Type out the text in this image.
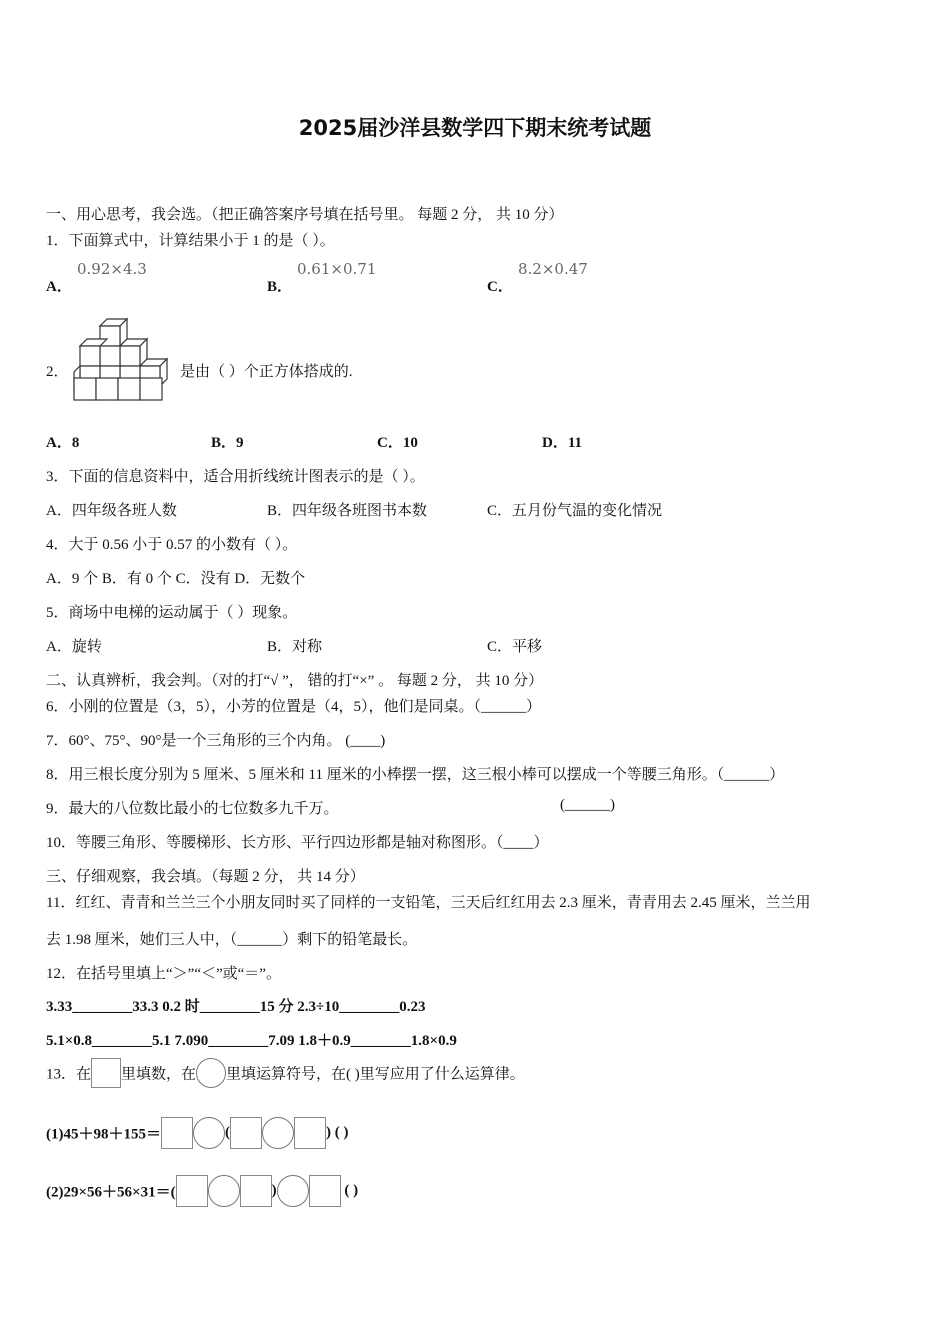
2025届沙洋县数学四下期末统考试题
一、用心思考，我会选。（把正确答案序号填在括号里。 每题 2 分， 共 10 分）
1．下面算式中，计算结果小于 1 的是（ ）。
A．
0.92×4.3
B．
0.61×0.71
C．
8.2×0.47
2．	是由（ ）个正方体搭成的.
A．8	B．9	C．10	D．11
3．下面的信息资料中，适合用折线统计图表示的是（ ）。
A．四年级各班人数	B．四年级各班图书本数	C．五月份气温的变化情况
4．大于 0.56 小于 0.57 的小数有（ ）。
A．9 个 B．有 0 个 C．没有 D．无数个
5．商场中电梯的运动属于（ ）现象。
A．旋转	B．对称	C．平移
二、认真辨析，我会判。（对的打“√ ”， 错的打“×” 。 每题 2 分， 共 10 分）
6．小刚的位置是（3，5），小芳的位置是（4，5），他们是同桌。（______）
7．60°、75°、90°是一个三角形的三个内角。 (____)
8．用三根长度分别为 5 厘米、5 厘米和 11 厘米的小棒摆一摆，这三根小棒可以摆成一个等腰三角形。（______）
9．最大的八位数比最小的七位数多九千万。	(______)
10．等腰三角形、等腰梯形、长方形、平行四边形都是轴对称图形。（____）
三、仔细观察，我会填。（每题 2 分， 共 14 分）
11．红红、青青和兰兰三个小朋友同时买了同样的一支铅笔，三天后红红用去 2.3 厘米，青青用去 2.45 厘米，兰兰用
去 1.98 厘米，她们三人中，（______）剩下的铅笔最长。
12．在括号里填上“＞”“＜”或“＝”。
3.33________33.3 0.2 时________15 分 2.3÷10________0.23
5.1×0.8________5.1 7.090________7.09 1.8＋0.9________1.8×0.9
13．在 里填数，在 里填运算符号，在( )里写应用了什么运算律。
(1)45＋98＋155＝	(	) ( )
(2)29×56＋56×31＝(	)	( )
